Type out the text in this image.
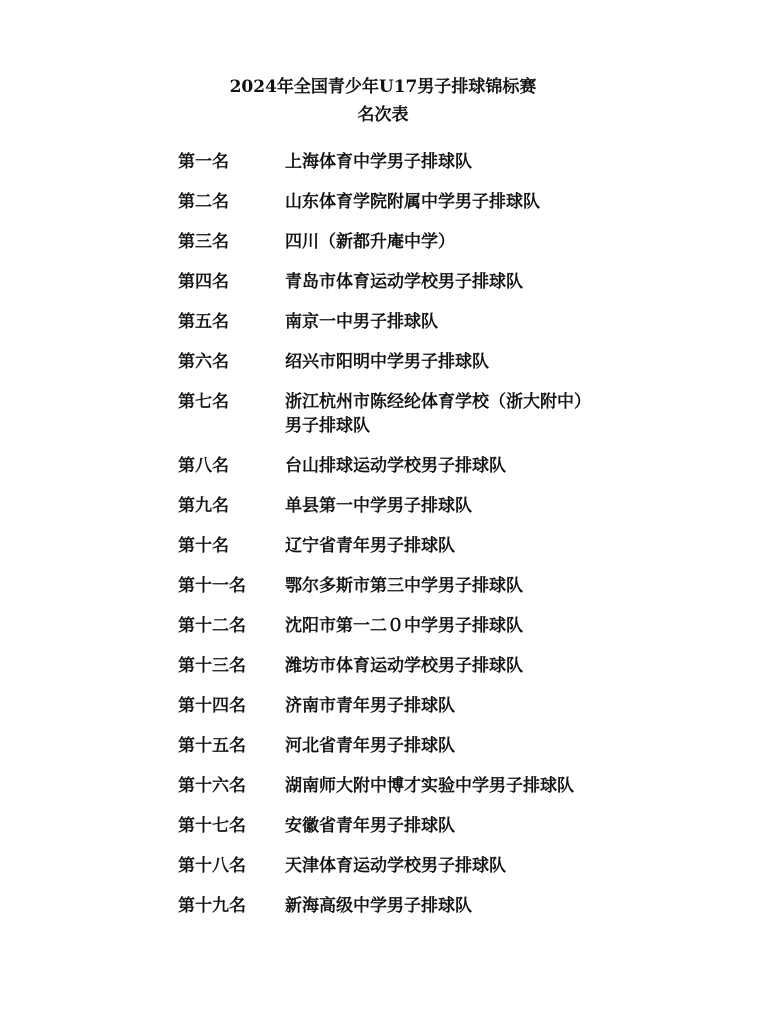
2024年全国青少年U17男子排球锦标赛
名次表
第一名	上海体育中学男子排球队
第二名	山东体育学院附属中学男子排球队
第三名	四川（新都升庵中学）
第四名	青岛市体育运动学校男子排球队
第五名	南京一中男子排球队
第六名	绍兴市阳明中学男子排球队
第七名	浙江杭州市陈经纶体育学校（浙大附中）
男子排球队
第八名	台山排球运动学校男子排球队
第九名	单县第一中学男子排球队
第十名	辽宁省青年男子排球队
第十一名 鄂尔多斯市第三中学男子排球队
第十二名 沈阳市第一二０中学男子排球队
第十三名 潍坊市体育运动学校男子排球队
第十四名 济南市青年男子排球队
第十五名 河北省青年男子排球队
第十六名 湖南师大附中博才实验中学男子排球队
第十七名 安徽省青年男子排球队
第十八名 天津体育运动学校男子排球队
第十九名 新海高级中学男子排球队
